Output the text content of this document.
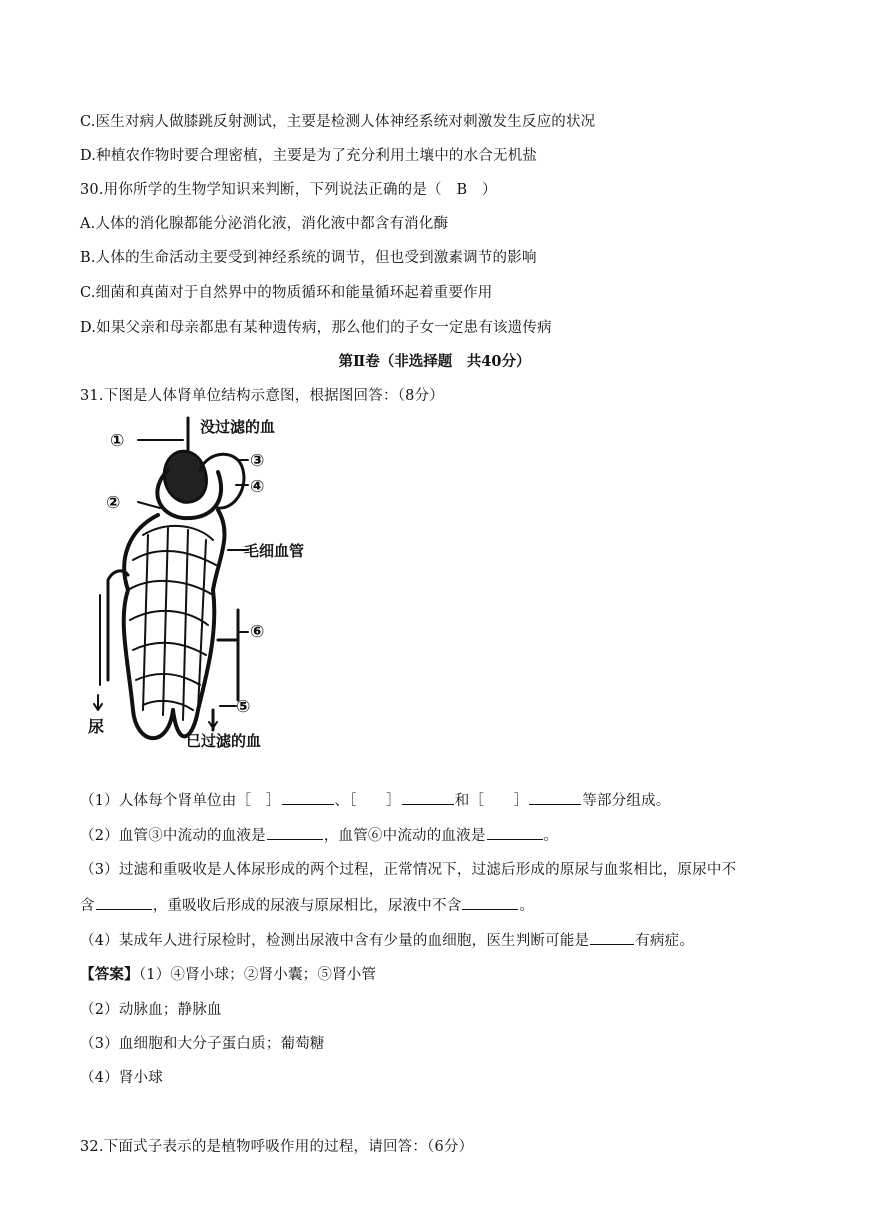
C.医生对病人做膝跳反射测试，主要是检测人体神经系统对刺激发生反应的状况
D.种植农作物时要合理密植，主要是为了充分利用土壤中的水合无机盐
30.用你所学的生物学知识来判断，下列说法正确的是（　B　）
A.人体的消化腺都能分泌消化液，消化液中都含有消化酶
B.人体的生命活动主要受到神经系统的调节，但也受到激素调节的影响
C.细菌和真菌对于自然界中的物质循环和能量循环起着重要作用
D.如果父亲和母亲都患有某种遗传病，那么他们的子女一定患有该遗传病
第Ⅱ卷（非选择题　共40分）
31.下图是人体肾单位结构示意图，根据图回答：（8分）
①
②
③
④
⑤
⑥
没过滤的血
毛细血管
尿
已过滤的血
（1）人体每个肾单位由［　］	、［　　］	和［　　］	等部分组成。
（2）血管③中流动的血液是	，血管⑥中流动的血液是	。
（3）过滤和重吸收是人体尿形成的两个过程，正常情况下，过滤后形成的原尿与血浆相比，原尿中不
含	，重吸收后形成的尿液与原尿相比，尿液中不含	。
（4）某成年人进行尿检时，检测出尿液中含有少量的血细胞，医生判断可能是	有病症。
【答案】（1）④肾小球；②肾小囊；⑤肾小管
（2）动脉血；静脉血
（3）血细胞和大分子蛋白质；葡萄糖
（4）肾小球
32.下面式子表示的是植物呼吸作用的过程，请回答：（6分）
